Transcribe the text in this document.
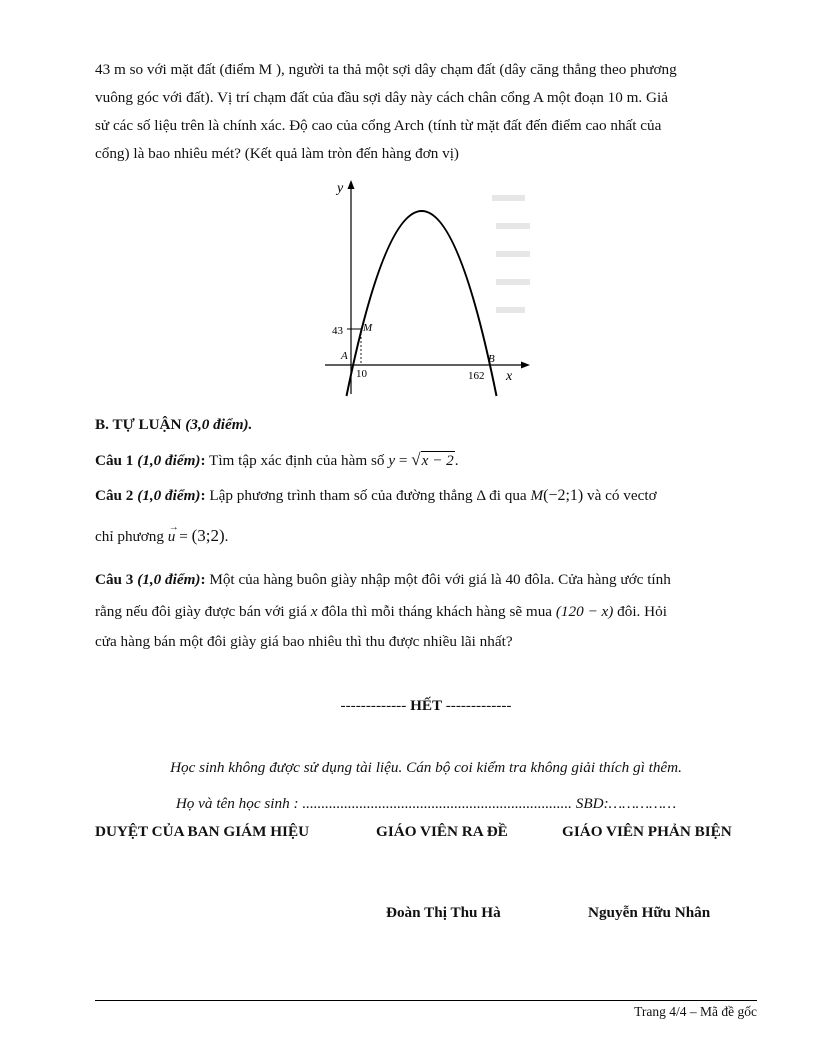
43 m so với mặt đất (điểm M ), người ta thả một sợi dây chạm đất (dây căng thẳng theo phương
vuông góc với đất). Vị trí chạm đất của đầu sợi dây này cách chân cổng A một đoạn 10 m. Giả
sử các số liệu trên là chính xác. Độ cao của cổng Arch (tính từ mặt đất đến điểm cao nhất của
cổng) là bao nhiêu mét? (Kết quả làm tròn đến hàng đơn vị)
y
x
43 M
A	B
10	162
B. TỰ LUẬN (3,0 điểm).
Câu 1 (1,0 điểm): Tìm tập xác định của hàm số y = √x − 2.
Câu 2 (1,0 điểm): Lập phương trình tham số của đường thẳng Δ đi qua M(−2;1) và có vectơ
chỉ phương
→
u = (3;2).
Câu 3 (1,0 điểm): Một của hàng buôn giày nhập một đôi với giá là 40 đôla. Cửa hàng ước tính
rằng nếu đôi giày được bán với giá x đôla thì mỗi tháng khách hàng sẽ mua (120 − x) đôi. Hỏi
cửa hàng bán một đôi giày giá bao nhiêu thì thu được nhiều lãi nhất?
------------- HẾT -------------
Học sinh không được sử dụng tài liệu. Cán bộ coi kiểm tra không giải thích gì thêm.
Họ và tên học sinh : ....................................................................... SBD:……………
DUYỆT CỦA BAN GIÁM HIỆU	GIÁO VIÊN RA ĐỀ	GIÁO VIÊN PHẢN BIỆN
Đoàn Thị Thu Hà	Nguyễn Hữu Nhân
Trang 4/4 – Mã đề gốc
